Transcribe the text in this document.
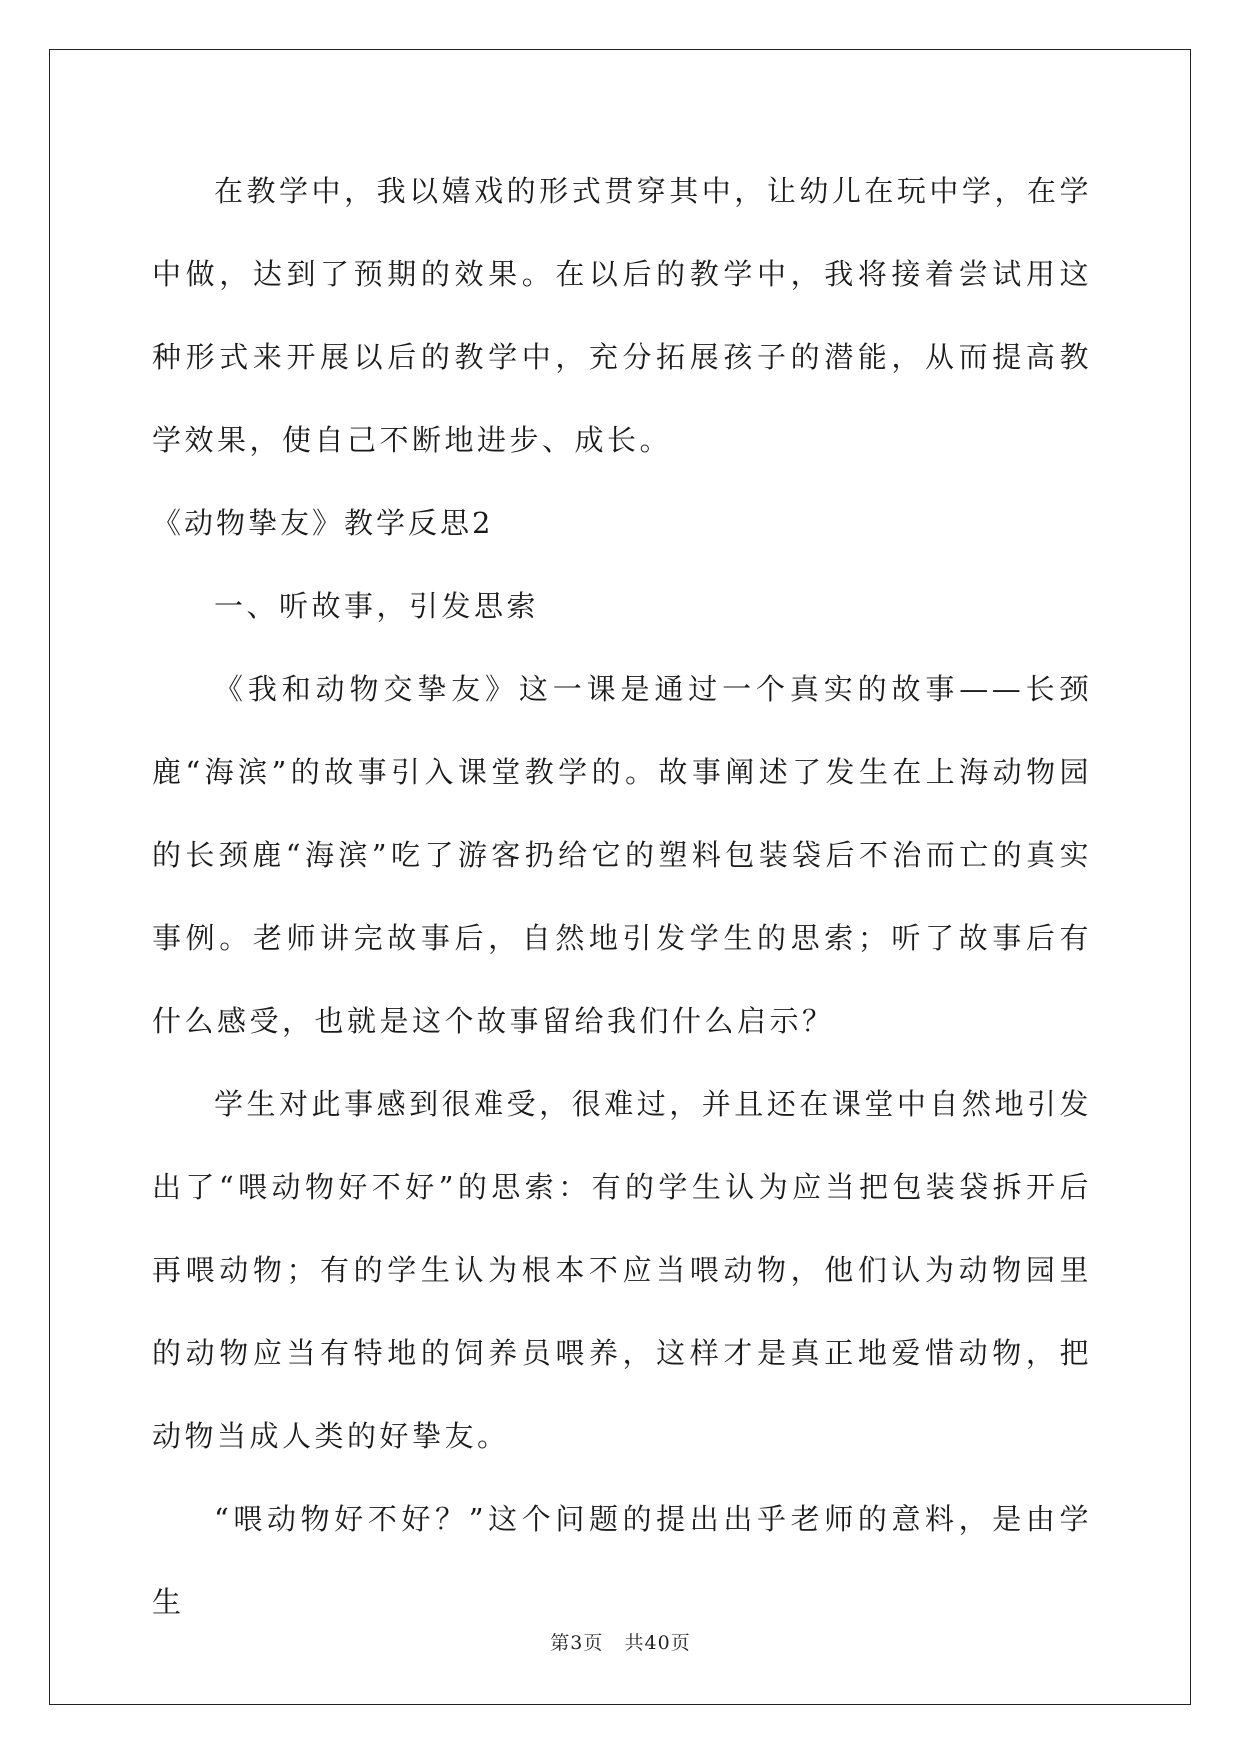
在教学中，我以嬉戏的形式贯穿其中，让幼儿在玩中学，在学中做，达到了预期的效果。在以后的教学中，我将接着尝试用这种形式来开展以后的教学中，充分拓展孩子的潜能，从而提高教学效果，使自己不断地进步、成长。

《动物挚友》教学反思2

一、听故事，引发思索

《我和动物交挚友》这一课是通过一个真实的故事——长颈鹿“海滨”的故事引入课堂教学的。故事阐述了发生在上海动物园的长颈鹿“海滨”吃了游客扔给它的塑料包装袋后不治而亡的真实事例。老师讲完故事后，自然地引发学生的思索；听了故事后有什么感受，也就是这个故事留给我们什么启示？

学生对此事感到很难受，很难过，并且还在课堂中自然地引发出了“喂动物好不好”的思索：有的学生认为应当把包装袋拆开后再喂动物；有的学生认为根本不应当喂动物，他们认为动物园里的动物应当有特地的饲养员喂养，这样才是真正地爱惜动物，把动物当成人类的好挚友。

“喂动物好不好？”这个问题的提出出乎老师的意料，是由学生

第3页 共40页
